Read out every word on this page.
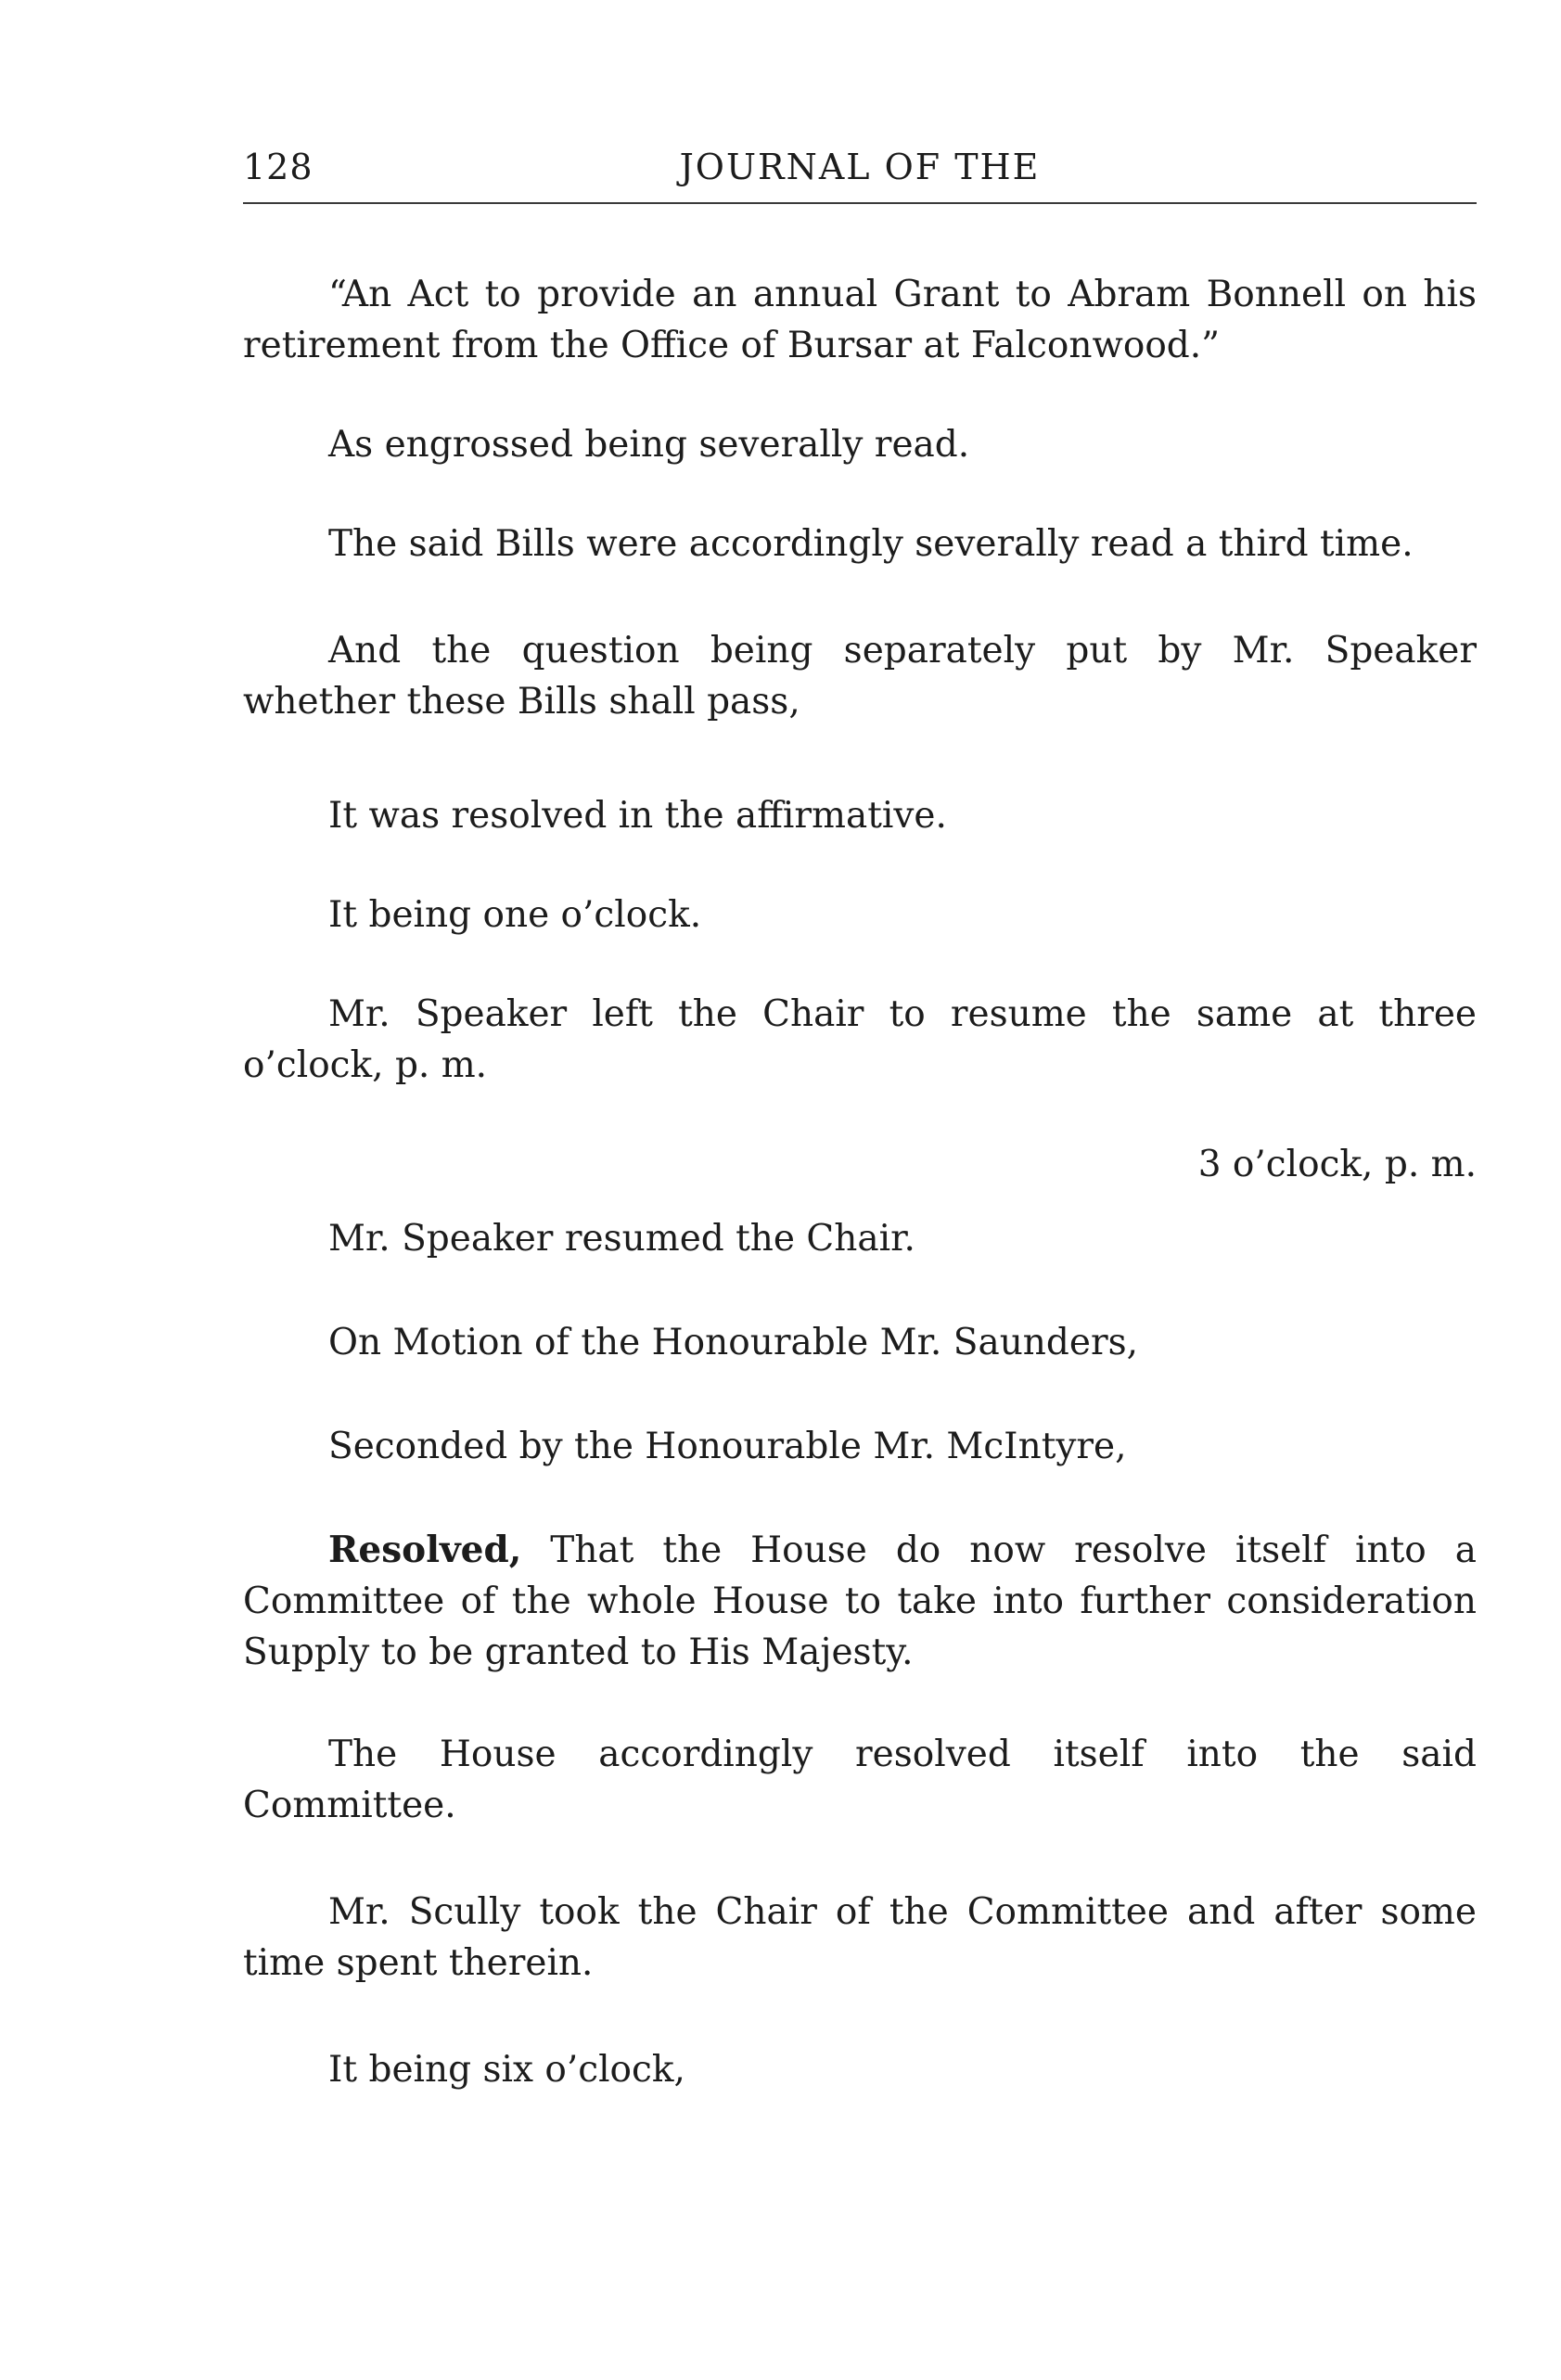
128	JOURNAL OF THE

“An Act to provide an annual Grant to Abram Bonnell on his retirement from the Office of Bursar at Falconwood.”

As engrossed being severally read.

The said Bills were accordingly severally read a third time.

And the question being separately put by Mr. Speaker whether these Bills shall pass,

It was resolved in the affirmative.

It being one o’clock.

Mr. Speaker left the Chair to resume the same at three o’clock, p. m.

3 o’clock, p. m.

Mr. Speaker resumed the Chair.

On Motion of the Honourable Mr. Saunders,

Seconded by the Honourable Mr. McIntyre,

Resolved, That the House do now resolve itself into a Committee of the whole House to take into further consideration Supply to be granted to His Majesty.

The House accordingly resolved itself into the said Committee.

Mr. Scully took the Chair of the Committee and after some time spent therein.

It being six o’clock,
